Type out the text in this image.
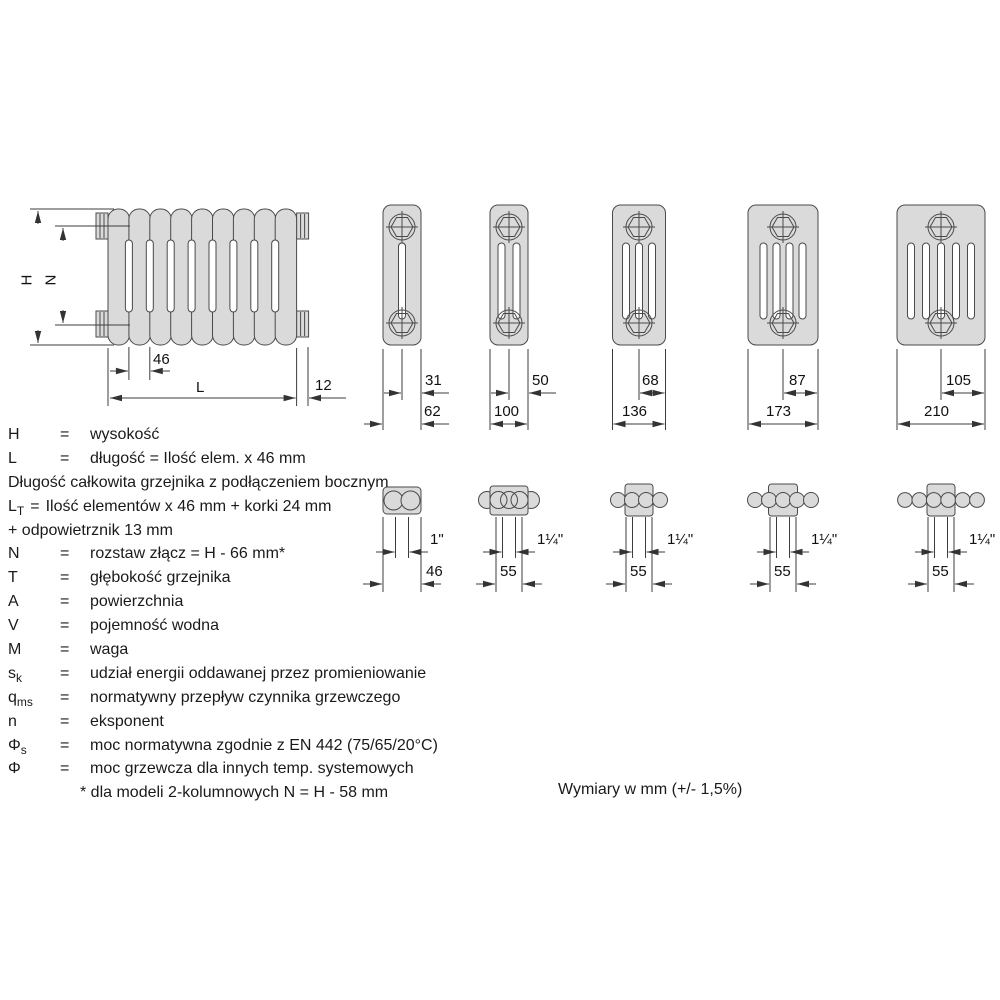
H N
46
L	12	31
62
50
100
68
136
87
173
105
210
1"
46
1¼"
55
1¼"
55
1¼"
55
1¼"
55
H	=	wysokość
L	=	długość = Ilość elem. x 46 mm
Długość całkowita grzejnika z podłączeniem bocznym
$L_T$ = Ilość elementów x 46 mm + korki 24 mm
+ odpowietrznik 13 mm
N	=	rozstaw złącz = H - 66 mm*
T	=	głębokość grzejnika
A	=	powierzchnia
V	=	pojemność wodna
M	=	waga
$s_k$	=	udział energii oddawanej przez promieniowanie
$q_{ms}$	=	normatywny przepływ czynnika grzewczego
n	=	eksponent
$\Phi_s$	=	moc normatywna zgodnie z EN 442 (75/65/20°C)
Φ	=	moc grzewcza dla innych temp. systemowych
* dla modeli 2-kolumnowych N = H - 58 mm	Wymiary w mm (+/- 1,5%)
